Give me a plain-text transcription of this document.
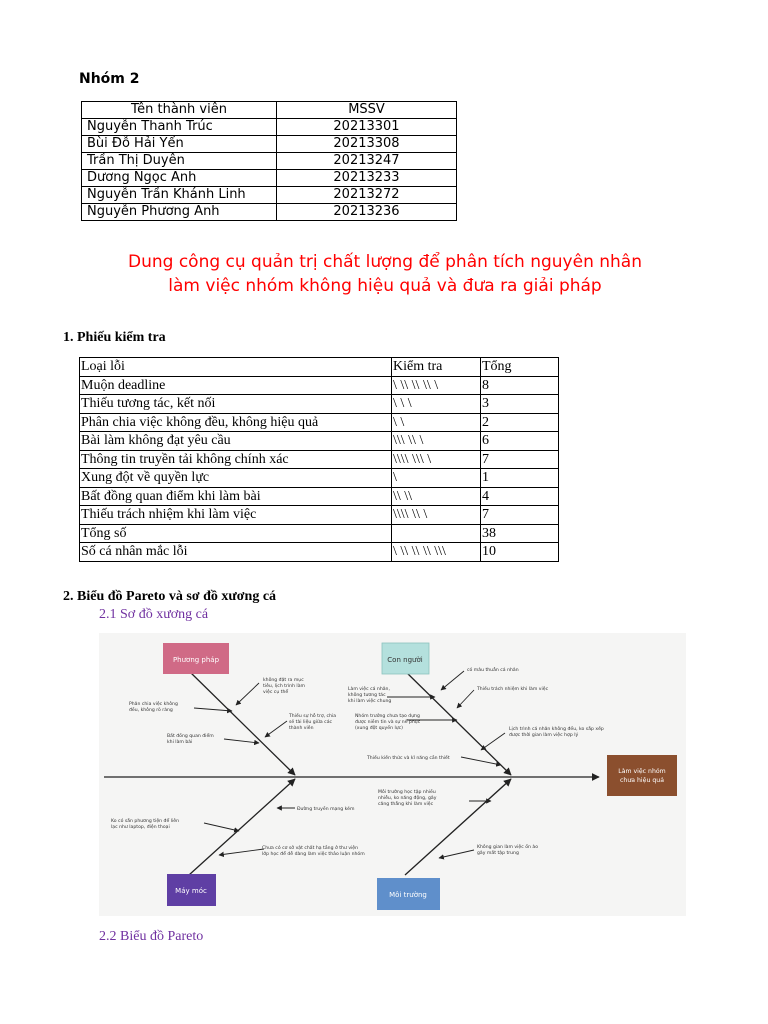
Nhóm 2
Tên thành viên	MSSV
Nguyễn Thanh Trúc	20213301
Bùi Đỗ Hải Yến	20213308
Trần Thị Duyên	20213247
Dương Ngọc Anh	20213233
Nguyễn Trần Khánh Linh	20213272
Nguyễn Phương Anh	20213236
Dung công cụ quản trị chất lượng để phân tích nguyên nhân làm việc nhóm không hiệu quả và đưa ra giải pháp
1. Phiếu kiểm tra
Loại lỗi	Kiểm tra	Tổng
Muộn deadline	\ \\ \\ \\ \	8
Thiếu tương tác, kết nối	\ \ \	3
Phân chia việc không đều, không hiệu quả	\ \	2
Bài làm không đạt yêu cầu	\\\ \\ \	6
Thông tin truyền tải không chính xác	\\\\ \\\ \	7
Xung đột về quyền lực	\	1
Bất đồng quan điểm khi làm bài	\\ \\	4
Thiếu trách nhiệm khi làm việc	\\\\ \\ \	7
Tổng số		38
Số cá nhân mắc lỗi	\ \\ \\ \\ \\\	10
2. Biểu đồ Pareto và sơ đồ xương cá
2.1 Sơ đồ xương cá
Phương pháp	Con người
Máy móc	Môi trường
không đặt ra mục tiêu, lịch trình làm việc cụ thể
Phân chia việc không đều, không rõ ràng
Thiếu sự hỗ trợ, chia sẻ tài liệu giữa các thành viên
Bất đồng quan điểm khi làm bài
có mâu thuẫn cá nhân
Làm việc cá nhân, không tương tác khi làm việc chung
Thiếu trách nhiệm khi làm việc
Nhóm trưởng chưa tạo dựng được niềm tin và sự nể phục (xung đột quyền lực)	Lịch trình cá nhân không đều, ko sắp xếp được thời gian làm việc hợp lý
Thiếu kiến thức và kĩ năng cần thiết
Đường truyền mạng kém
Ko có sẵn phương tiện để liên lạc như laptop, điện thoại
Chưa có cơ sở vật chất hạ tầng ở thư viện lớp học để dễ dàng làm việc thảo luận nhóm
Môi trường học tập nhiều nhiễu, ko năng động, gây căng thẳng khi làm việc
Không gian làm việc ồn ào gây mất tập trung
Làm việc nhóm chưa hiệu quả
2.2 Biểu đồ Pareto
